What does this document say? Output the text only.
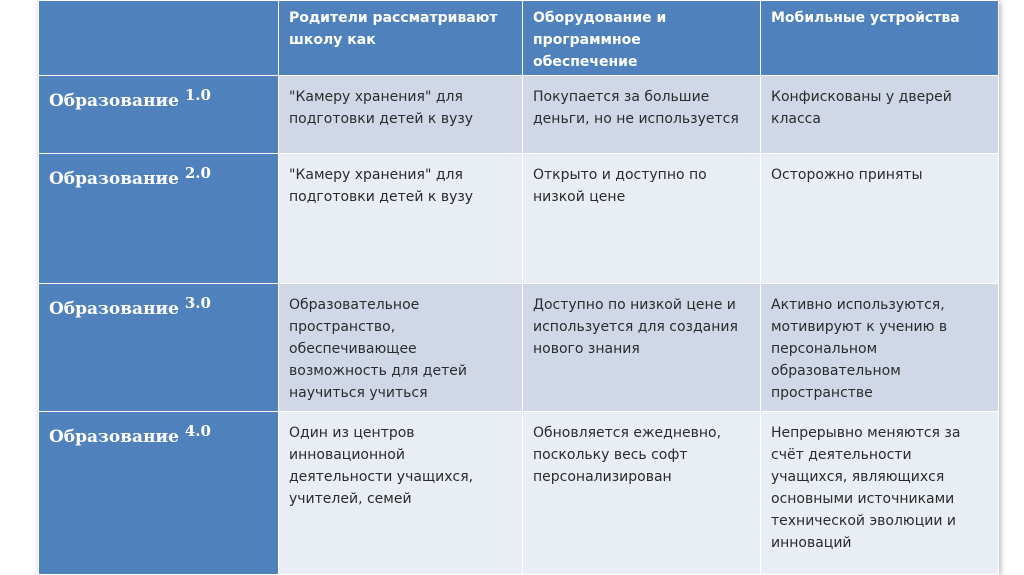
	Родители рассматривают школу как	Оборудование и программное обеспечение	Мобильные устройства
Образование $^{1.0}$	"Камеру хранения" для подготовки детей к вузу	Покупается за большие деньги, но не используется	Конфискованы у дверей класса
Образование $^{2.0}$	"Камеру хранения" для подготовки детей к вузу	Открыто и доступно по низкой цене	Осторожно приняты
Образование $^{3.0}$	Образовательное пространство, обеспечивающее возможность для детей научиться учиться	Доступно по низкой цене и используется для создания нового знания	Активно используются, мотивируют к учению в персональном образовательном пространстве
Образование $^{4.0}$	Один из центров инновационной деятельности учащихся, учителей, семей	Обновляется ежедневно, поскольку весь софт персонализирован	Непрерывно меняются за счёт деятельности учащихся, являющихся основными источниками технической эволюции и инноваций
